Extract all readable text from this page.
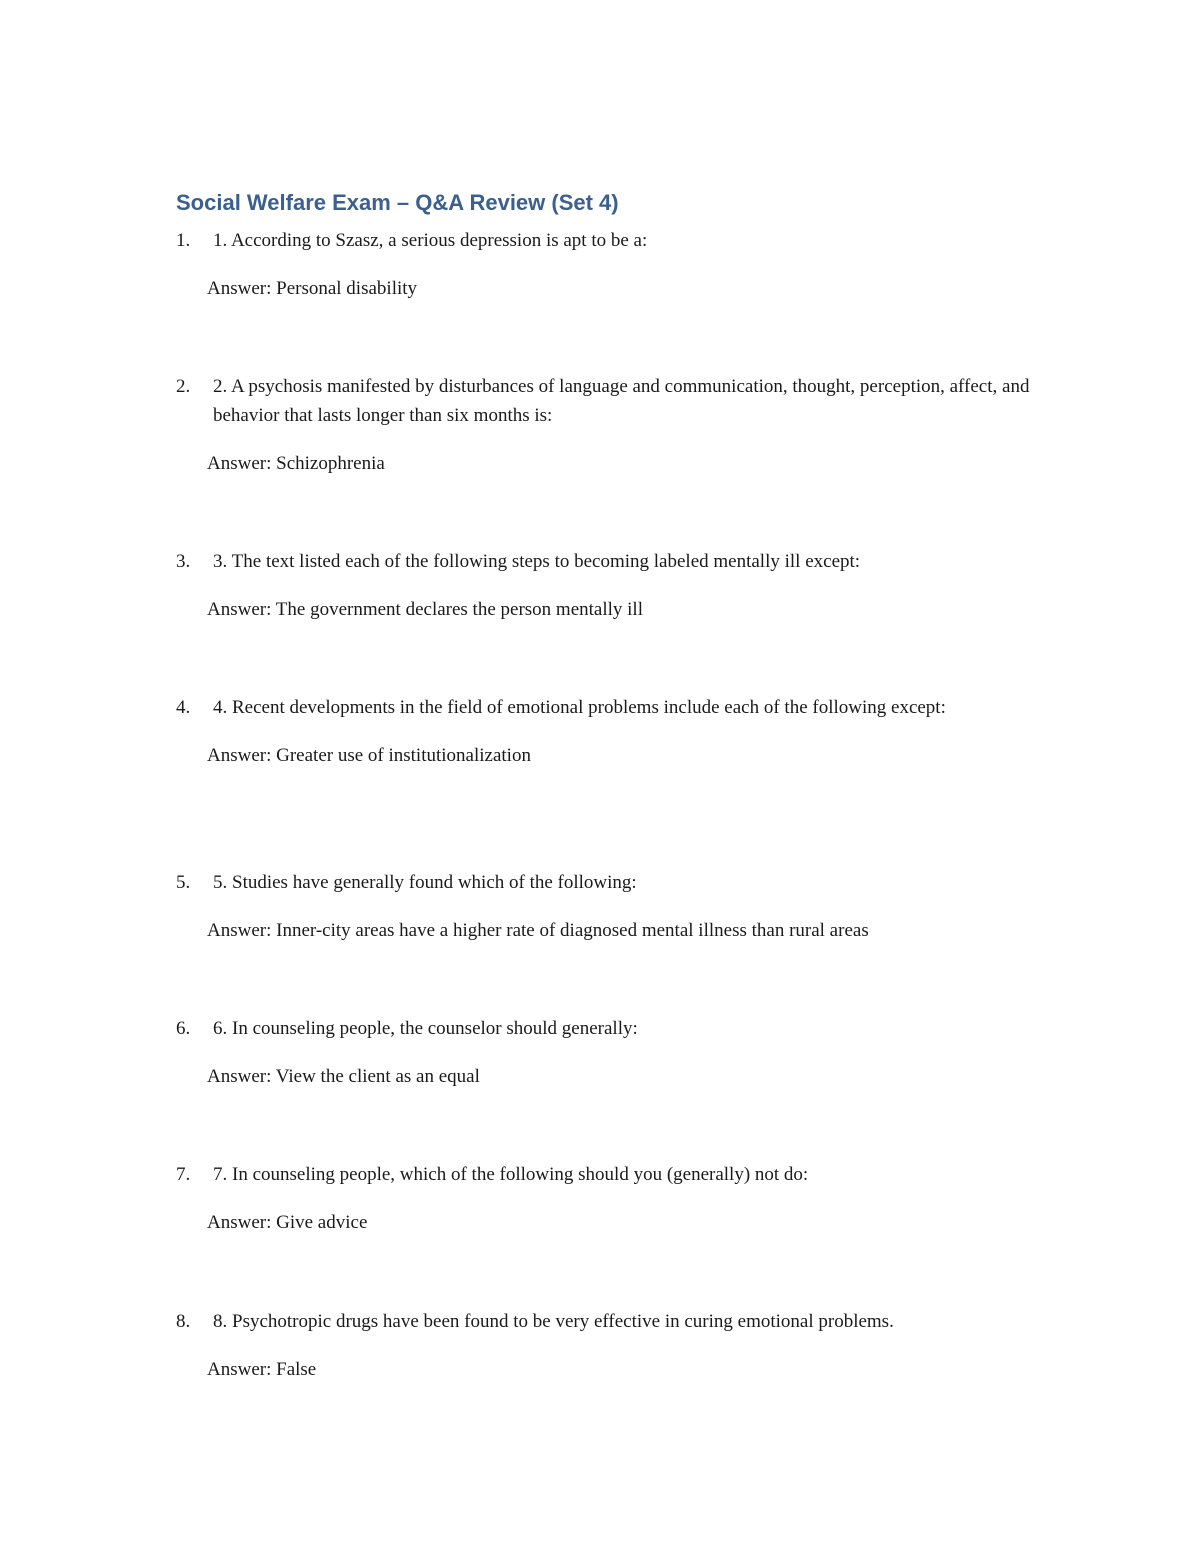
Social Welfare Exam – Q&A Review (Set 4)
1.	1. According to Szasz, a serious depression is apt to be a:
Answer: Personal disability
2.	2. A psychosis manifested by disturbances of language and communication, thought, perception, affect, and behavior that lasts longer than six months is:
Answer: Schizophrenia
3.	3. The text listed each of the following steps to becoming labeled mentally ill except:
Answer: The government declares the person mentally ill
4.	4. Recent developments in the field of emotional problems include each of the following except:
Answer: Greater use of institutionalization
5.	5. Studies have generally found which of the following:
Answer: Inner-city areas have a higher rate of diagnosed mental illness than rural areas
6.	6. In counseling people, the counselor should generally:
Answer: View the client as an equal
7.	7. In counseling people, which of the following should you (generally) not do:
Answer: Give advice
8.	8. Psychotropic drugs have been found to be very effective in curing emotional problems.
Answer: False
